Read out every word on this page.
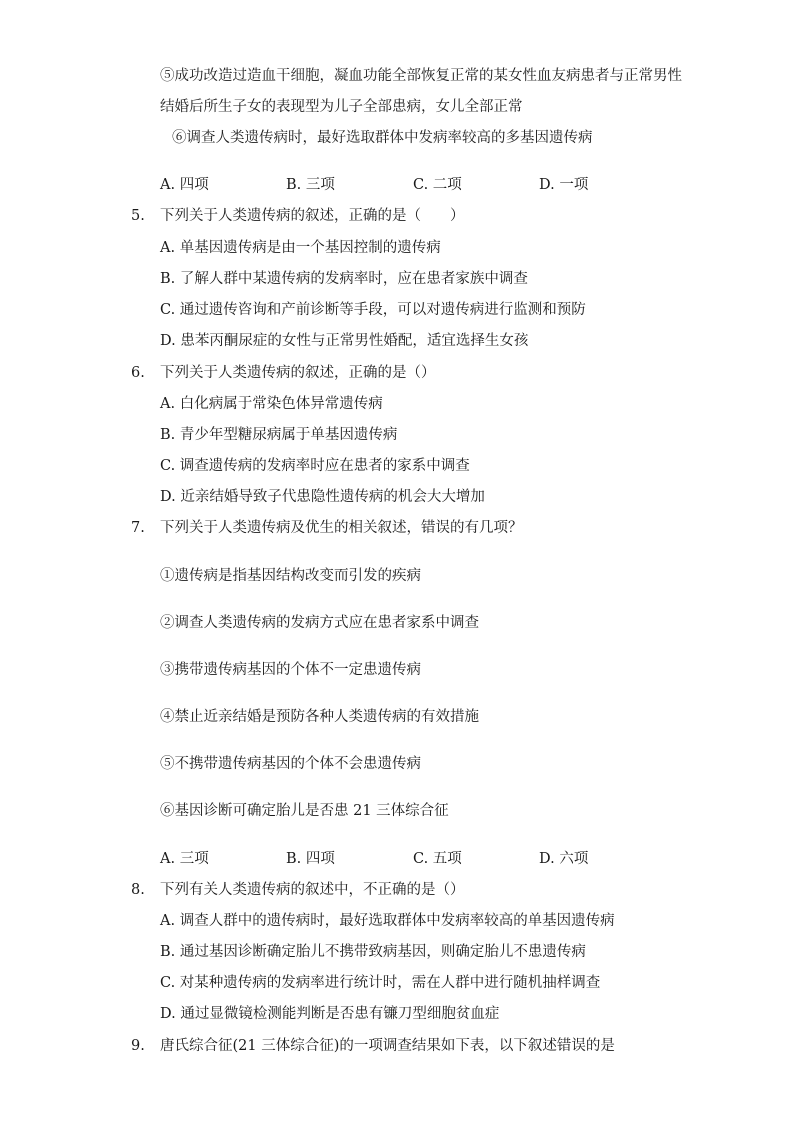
⑤成功改造过造血干细胞，凝血功能全部恢复正常的某女性血友病患者与正常男性
结婚后所生子女的表现型为儿子全部患病，女儿全部正常
⑥调查人类遗传病时，最好选取群体中发病率较高的多基因遗传病
A. 四项	B. 三项	C. 二项	D. 一项
5. 下列关于人类遗传病的叙述，正确的是（　　）
A. 单基因遗传病是由一个基因控制的遗传病
B. 了解人群中某遗传病的发病率时，应在患者家族中调查
C. 通过遗传咨询和产前诊断等手段，可以对遗传病进行监测和预防
D. 患苯丙酮尿症的女性与正常男性婚配，适宜选择生女孩
6. 下列关于人类遗传病的叙述，正确的是（）
A. 白化病属于常染色体异常遗传病
B. 青少年型糖尿病属于单基因遗传病
C. 调查遗传病的发病率时应在患者的家系中调查
D. 近亲结婚导致子代患隐性遗传病的机会大大增加
7. 下列关于人类遗传病及优生的相关叙述，错误的有几项？
①遗传病是指基因结构改变而引发的疾病
②调查人类遗传病的发病方式应在患者家系中调查
③携带遗传病基因的个体不一定患遗传病
④禁止近亲结婚是预防各种人类遗传病的有效措施
⑤不携带遗传病基因的个体不会患遗传病
⑥基因诊断可确定胎儿是否患 21 三体综合征
A. 三项	B. 四项	C. 五项	D. 六项
8. 下列有关人类遗传病的叙述中，不正确的是（）
A. 调查人群中的遗传病时，最好选取群体中发病率较高的单基因遗传病
B. 通过基因诊断确定胎儿不携带致病基因，则确定胎儿不患遗传病
C. 对某种遗传病的发病率进行统计时，需在人群中进行随机抽样调查
D. 通过显微镜检测能判断是否患有镰刀型细胞贫血症
9. 唐氏综合征(21 三体综合征)的一项调查结果如下表，以下叙述错误的是
